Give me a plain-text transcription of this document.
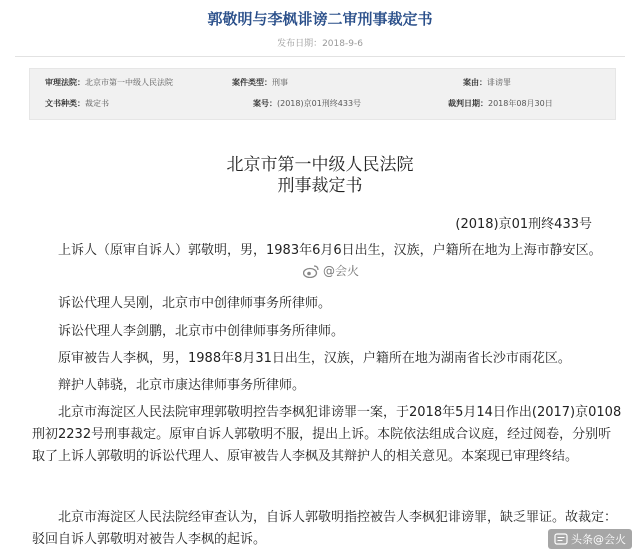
郭敬明与李枫诽谤二审刑事裁定书
发布日期：2018-9-6
审理法院：北京市第一中级人民法院	案件类型：刑事	案由：诽谤罪
文书种类：裁定书	案号：(2018)京01刑终433号	裁判日期：2018年08月30日
北京市第一中级人民法院
刑事裁定书
(2018)京01刑终433号

上诉人（原审自诉人）郭敬明，男，1983年6月6日出生，汉族，户籍所在地为上海市静安区。

诉讼代理人吴刚，北京市中创律师事务所律师。

诉讼代理人李剑鹏，北京市中创律师事务所律师。

原审被告人李枫，男，1988年8月31日出生，汉族，户籍所在地为湖南省长沙市雨花区。

辩护人韩骁，北京市康达律师事务所律师。

北京市海淀区人民法院审理郭敬明控告李枫犯诽谤罪一案，于2018年5月14日作出(2017)京0108刑初2232号刑事裁定。原审自诉人郭敬明不服，提出上诉。本院依法组成合议庭，经过阅卷，分别听取了上诉人郭敬明的诉讼代理人、原审被告人李枫及其辩护人的相关意见。本案现已审理终结。

北京市海淀区人民法院经审查认为，自诉人郭敬明指控被告人李枫犯诽谤罪，缺乏罪证。故裁定：驳回自诉人郭敬明对被告人李枫的起诉。

@会火
头条@会火
